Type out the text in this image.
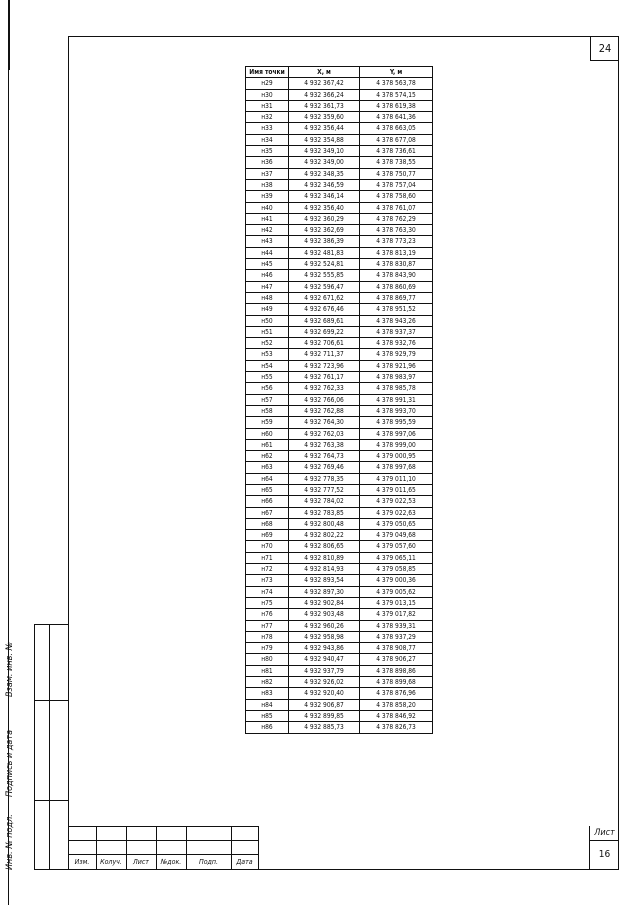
24
Инв. № подл.
Подпись и дата
Взам. инв. №
Имя точки	X, м	Y, м
н29	4 932 367,42	4 378 563,78
н30	4 932 366,24	4 378 574,15
н31	4 932 361,73	4 378 619,38
н32	4 932 359,60	4 378 641,36
н33	4 932 356,44	4 378 663,05
н34	4 932 354,88	4 378 677,08
н35	4 932 349,10	4 378 736,61
н36	4 932 349,00	4 378 738,55
н37	4 932 348,35	4 378 750,77
н38	4 932 346,59	4 378 757,04
н39	4 932 346,14	4 378 758,60
н40	4 932 356,40	4 378 761,07
н41	4 932 360,29	4 378 762,29
н42	4 932 362,69	4 378 763,30
н43	4 932 386,39	4 378 773,23
н44	4 932 481,83	4 378 813,19
н45	4 932 524,81	4 378 830,87
н46	4 932 555,85	4 378 843,90
н47	4 932 596,47	4 378 860,69
н48	4 932 671,62	4 378 869,77
н49	4 932 676,46	4 378 951,52
н50	4 932 689,61	4 378 943,26
н51	4 932 699,22	4 378 937,37
н52	4 932 706,61	4 378 932,76
н53	4 932 711,37	4 378 929,79
н54	4 932 723,96	4 378 921,96
н55	4 932 761,17	4 378 983,97
н56	4 932 762,33	4 378 985,78
н57	4 932 766,06	4 378 991,31
н58	4 932 762,88	4 378 993,70
н59	4 932 764,30	4 378 995,59
н60	4 932 762,03	4 378 997,06
н61	4 932 763,38	4 378 999,00
н62	4 932 764,73	4 379 000,95
н63	4 932 769,46	4 378 997,68
н64	4 932 778,35	4 379 011,10
н65	4 932 777,52	4 379 011,65
н66	4 932 784,02	4 379 022,53
н67	4 932 783,85	4 379 022,63
н68	4 932 800,48	4 379 050,65
н69	4 932 802,22	4 379 049,68
н70	4 932 806,65	4 379 057,60
н71	4 932 810,89	4 379 065,11
н72	4 932 814,93	4 379 058,85
н73	4 932 893,54	4 379 000,36
н74	4 932 897,30	4 379 005,62
н75	4 932 902,84	4 379 013,15
н76	4 932 903,48	4 379 017,82
н77	4 932 960,26	4 378 939,31
н78	4 932 958,98	4 378 937,29
н79	4 932 943,86	4 378 908,77
н80	4 932 940,47	4 378 906,27
н81	4 932 937,79	4 378 898,86
н82	4 932 926,02	4 378 899,68
н83	4 932 920,40	4 378 876,96
н84	4 932 906,87	4 378 858,20
н85	4 932 899,85	4 378 846,92
н86	4 932 885,73	4 378 826,73
Изм.	Колуч.	Лист	№док.	Подп.	Дата
Лист
16
